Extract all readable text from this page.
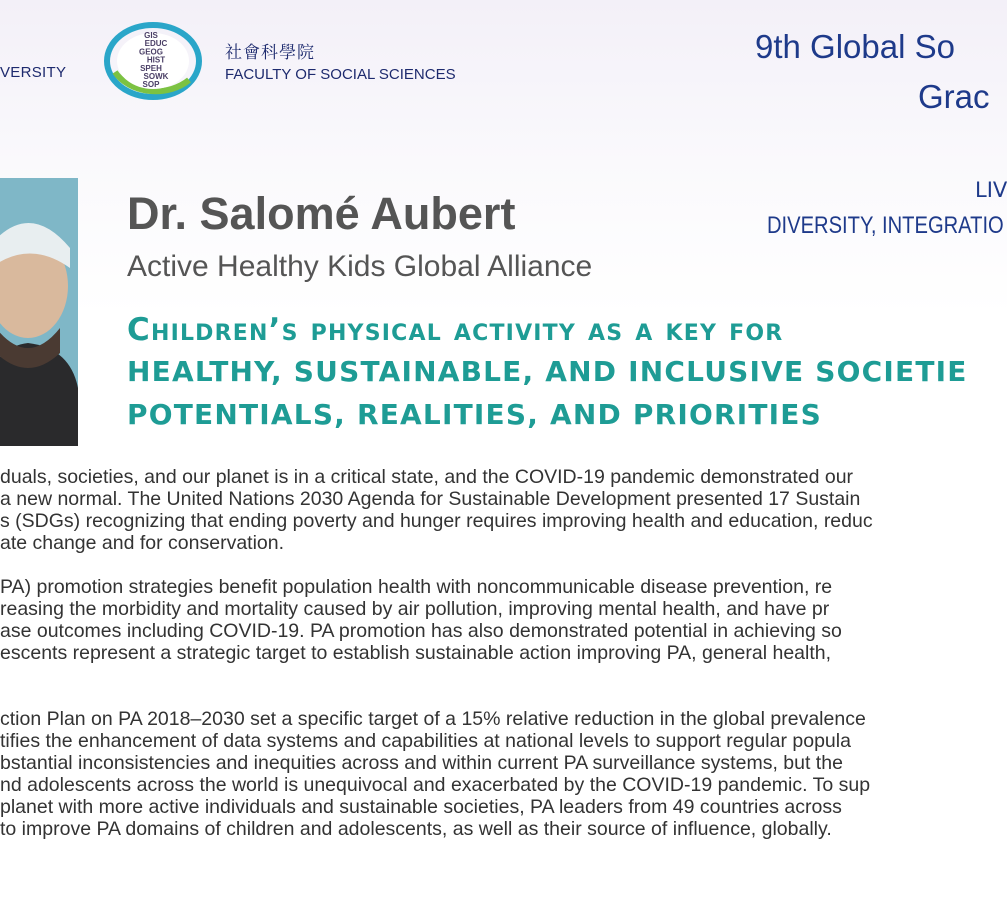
VERSITY
GIS
EDUC
GEOG
HIST
SPEH
SOWK
SOP
社會科學院
FACULTY OF SOCIAL SCIENCES
9th Global So
Grac
LIV
DIVERSITY, INTEGRATIO
Dr. Salomé Aubert
Active Healthy Kids Global Alliance
Children’s physical activity as a key for
HEALTHY, SUSTAINABLE, AND INCLUSIVE SOCIETIE
POTENTIALS, REALITIES, AND PRIORITIES
duals, societies, and our planet is in a critical state, and the COVID-19 pandemic demonstrated our
a new normal. The United Nations 2030 Agenda for Sustainable Development presented 17 Sustain
s (SDGs) recognizing that ending poverty and hunger requires improving health and education, reduc
ate change and for conservation.
PA) promotion strategies benefit population health with noncommunicable disease prevention, re
reasing the morbidity and mortality caused by air pollution, improving mental health, and have pr
ase outcomes including COVID-19. PA promotion has also demonstrated potential in achieving so
escents represent a strategic target to establish sustainable action improving PA, general health,
ction Plan on PA 2018–2030 set a specific target of a 15% relative reduction in the global prevalence
tifies the enhancement of data systems and capabilities at national levels to support regular popula
bstantial inconsistencies and inequities across and within current PA surveillance systems, but the
nd adolescents across the world is unequivocal and exacerbated by the COVID-19 pandemic. To sup
planet with more active individuals and sustainable societies, PA leaders from 49 countries across
to improve PA domains of children and adolescents, as well as their source of influence, globally.
